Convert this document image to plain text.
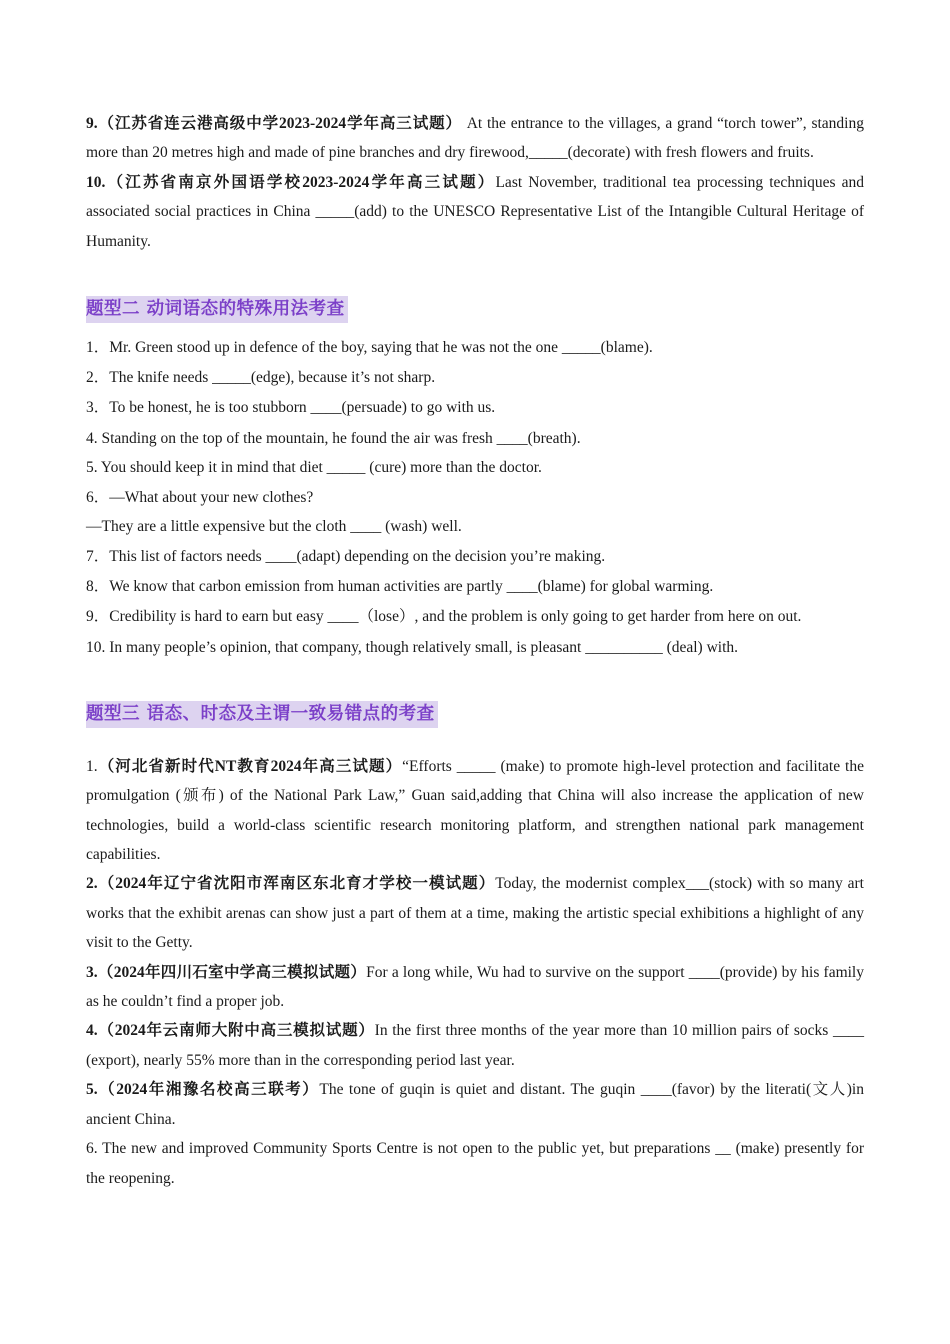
9.（江苏省连云港高级中学2023-2024学年高三试题） At the entrance to the villages, a grand “torch tower”, standing more than 20 metres high and made of pine branches and dry firewood,_____(decorate) with fresh flowers and fruits.

10.（江苏省南京外国语学校2023-2024学年高三试题）Last November, traditional tea processing techniques and associated social practices in China _____(add) to the UNESCO Representative List of the Intangible Cultural Heritage of Humanity.

题型二 动词语态的特殊用法考查

1．Mr. Green stood up in defence of the boy, saying that he was not the one _____(blame).

2．The knife needs _____(edge), because it’s not sharp.

3．To be honest, he is too stubborn ____(persuade) to go with us.

4. Standing on the top of the mountain, he found the air was fresh ____(breath).

5. You should keep it in mind that diet _____ (cure) more than the doctor.

6．—What about your new clothes?

—They are a little expensive but the cloth ____ (wash) well.

7．This list of factors needs ____(adapt) depending on the decision you’re making.

8．We know that carbon emission from human activities are partly ____(blame) for global warming.

9．Credibility is hard to earn but easy ____（lose）, and the problem is only going to get harder from here on out.

10. In many people’s opinion, that company, though relatively small, is pleasant __________ (deal) with.

题型三 语态、时态及主谓一致易错点的考查

1.（河北省新时代NT教育2024年高三试题）“Efforts _____ (make) to promote high-level protection and facilitate the promulgation (颁布) of the National Park Law,” Guan said,adding that China will also increase the application of new technologies, build a world-class scientific research monitoring platform, and strengthen national park management capabilities.

2.（2024年辽宁省沈阳市浑南区东北育才学校一模试题）Today, the modernist complex___(stock) with so many art works that the exhibit arenas can show just a part of them at a time, making the artistic special exhibitions a highlight of any visit to the Getty.

3.（2024年四川石室中学高三模拟试题）For a long while, Wu had to survive on the support ____(provide) by his family as he couldn’t find a proper job.

4.（2024年云南师大附中高三模拟试题）In the first three months of the year more than 10 million pairs of socks ____ (export), nearly 55% more than in the corresponding period last year.

5.（2024年湘豫名校高三联考）The tone of guqin is quiet and distant. The guqin ____(favor) by the literati(文人)in ancient China.

6. The new and improved Community Sports Centre is not open to the public yet, but preparations __ (make) presently for the reopening.
